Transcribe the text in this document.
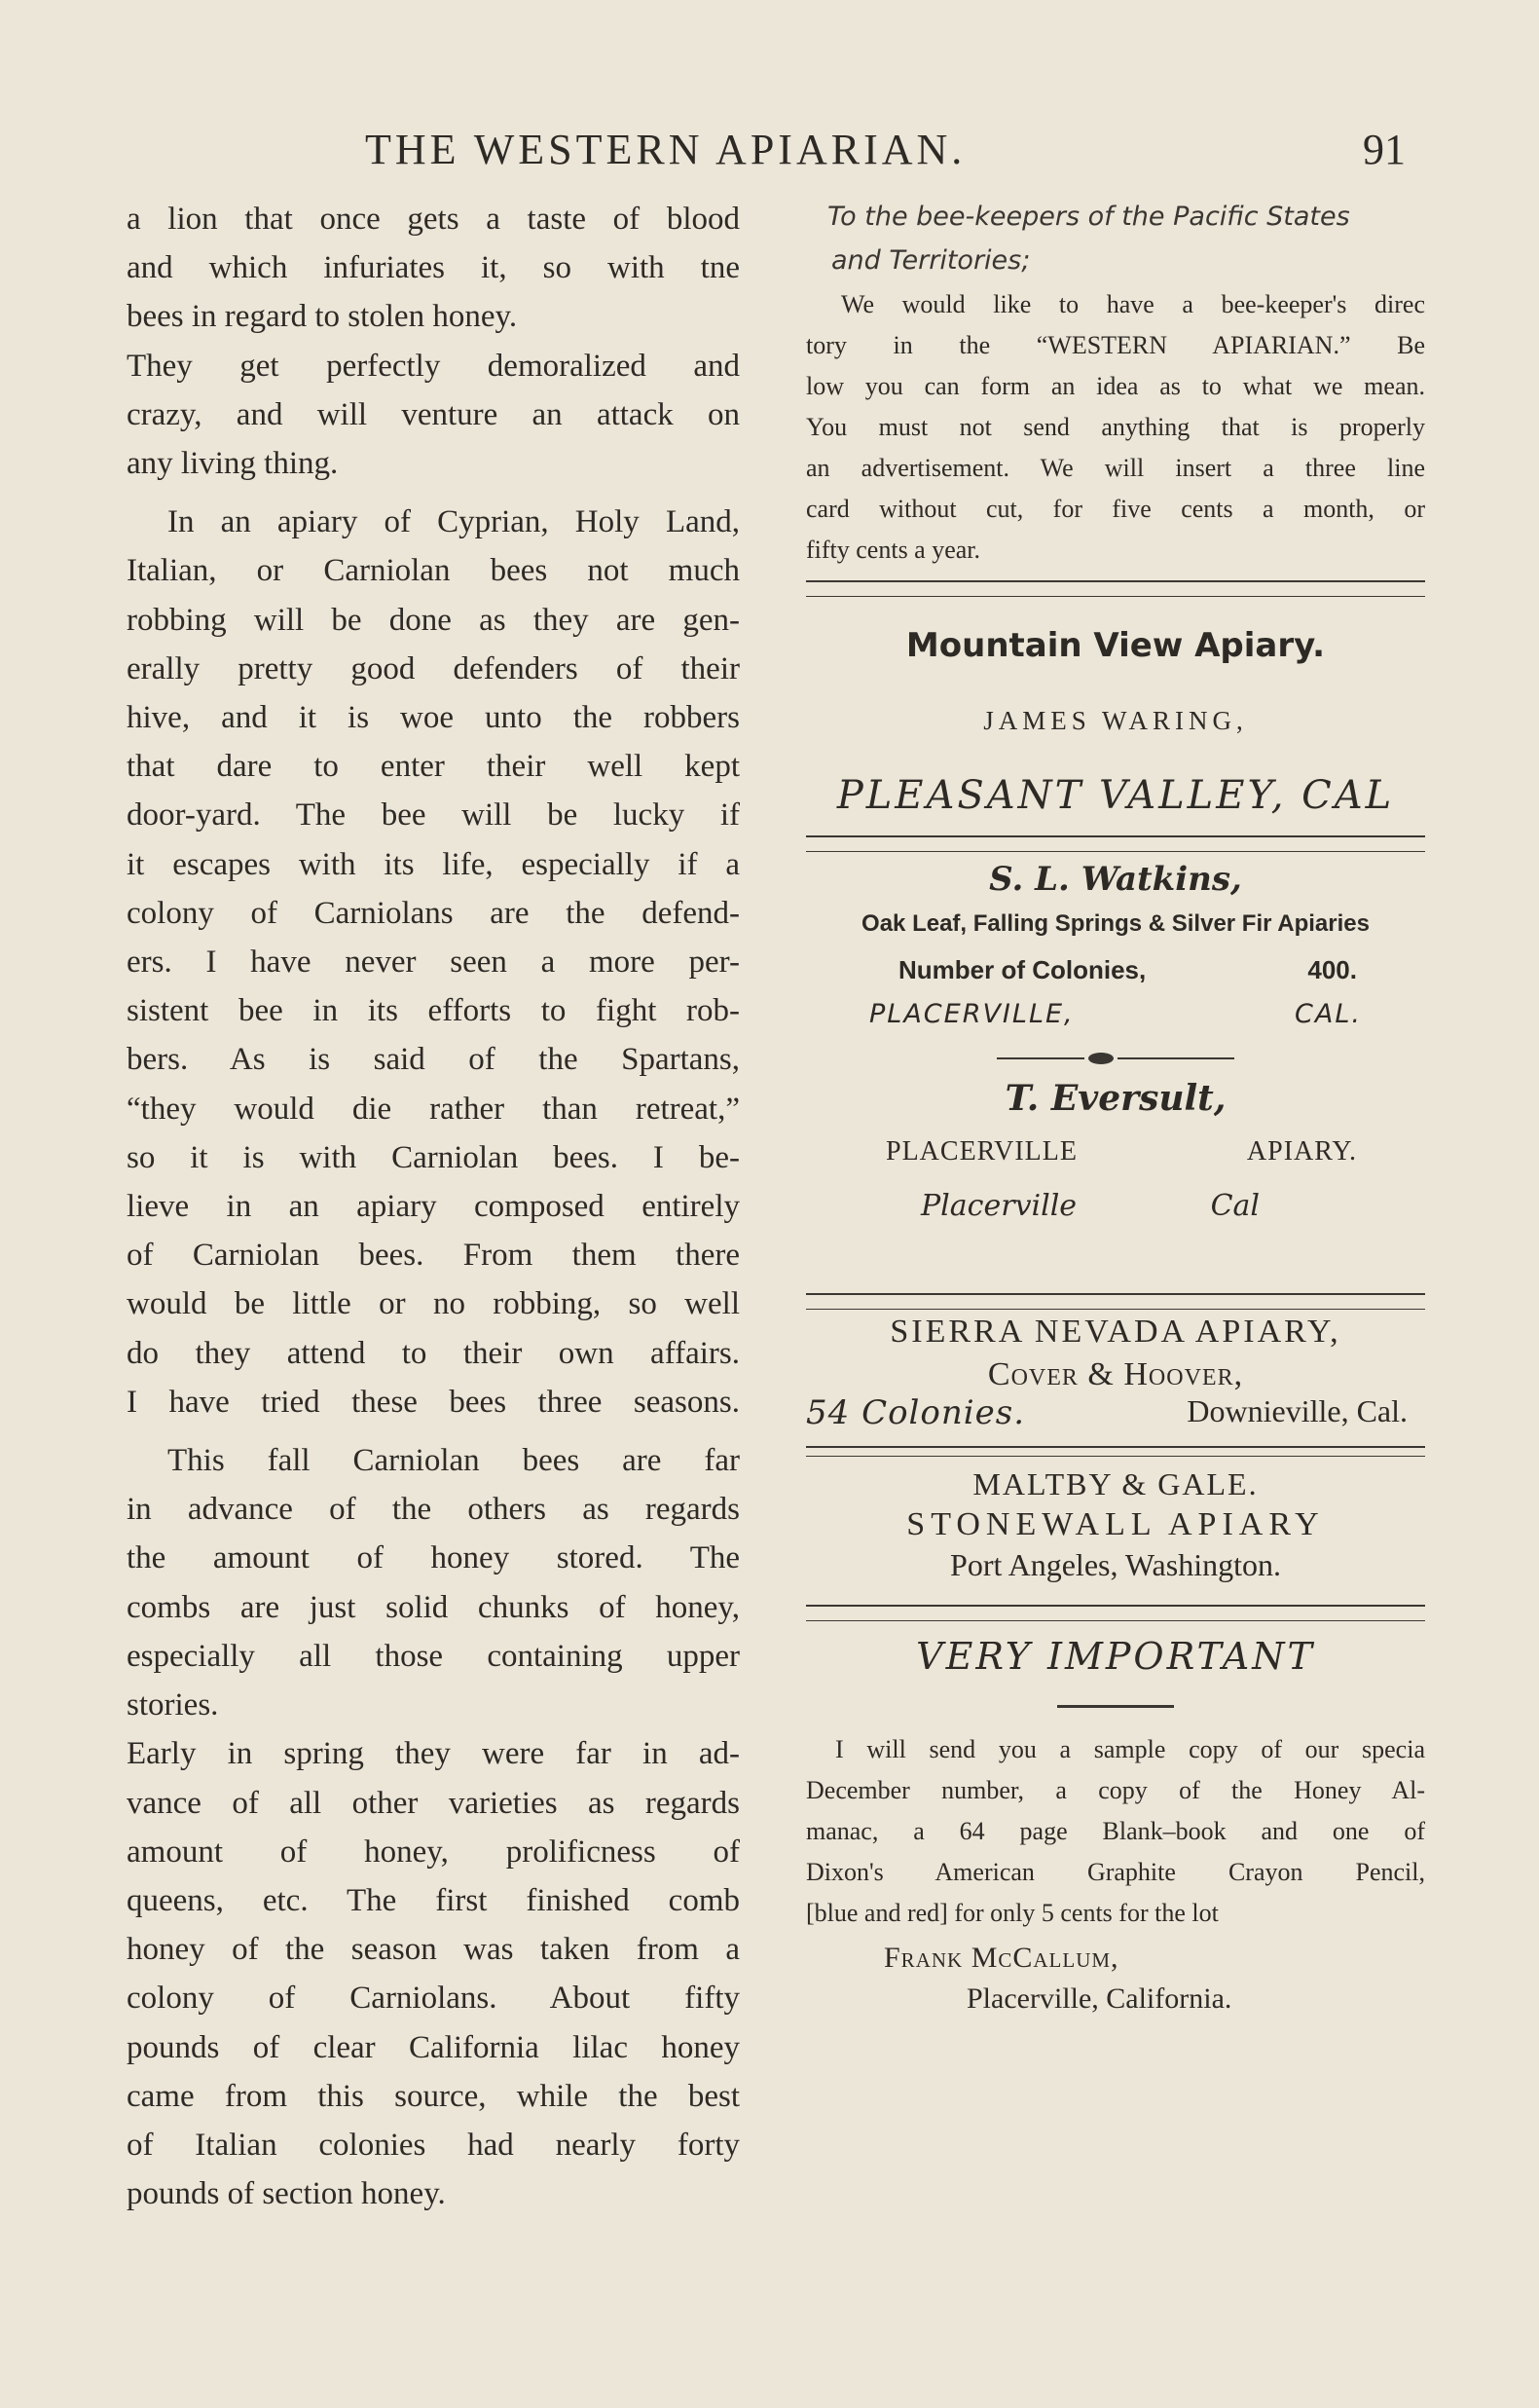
THE WESTERN APIARIAN.	91
a lion that once gets a taste of blood
and which infuriates it, so with tne
bees in regard to stolen honey.
They get perfectly demoralized and
crazy, and will venture an attack on
any living thing.
In an apiary of Cyprian, Holy Land,
Italian, or Carniolan bees not much
robbing will be done as they are gen-
erally pretty good defenders of their
hive, and it is woe unto the robbers
that dare to enter their well kept
door-yard. The bee will be lucky if
it escapes with its life, especially if a
colony of Carniolans are the defend-
ers. I have never seen a more per-
sistent bee in its efforts to fight rob-
bers. As is said of the Spartans,
“they would die rather than retreat,”
so it is with Carniolan bees. I be-
lieve in an apiary composed entirely
of Carniolan bees. From them there
would be little or no robbing, so well
do they attend to their own affairs.
I have tried these bees three seasons.
This fall Carniolan bees are far
in advance of the others as regards
the amount of honey stored. The
combs are just solid chunks of honey,
especially all those containing upper
stories.
Early in spring they were far in ad-
vance of all other varieties as regards
amount of honey, prolificness of
queens, etc. The first finished comb
honey of the season was taken from a
colony of Carniolans. About fifty
pounds of clear California lilac honey
came from this source, while the best
of Italian colonies had nearly forty
pounds of section honey.
To the bee-keepers of the Pacific States
and Territories;
We would like to have a bee-keeper's direc
tory in the “WESTERN APIARIAN.” Be
low you can form an idea as to what we mean.
You must not send anything that is properly
an advertisement. We will insert a three line
card without cut, for five cents a month, or
fifty cents a year.
Mountain View Apiary.
JAMES WARING,
PLEASANT VALLEY, CAL
S. L. Watkins,
Oak Leaf, Falling Springs & Silver Fir Apiaries
Number of Colonies,	400.
PLACERVILLE,	CAL.
T. Eversult,
PLACERVILLE	APIARY.
Placerville	Cal
SIERRA NEVADA APIARY,
Cover & Hoover,
54 Colonies.	Downieville, Cal.
MALTBY & GALE.
STONEWALL APIARY
Port Angeles, Washington.
VERY IMPORTANT
I will send you a sample copy of our specia
December number, a copy of the Honey Al-
manac, a 64 page Blank–book and one of
Dixon's American Graphite Crayon Pencil,
[blue and red] for only 5 cents for the lot
Frank McCallum,
Placerville, California.
